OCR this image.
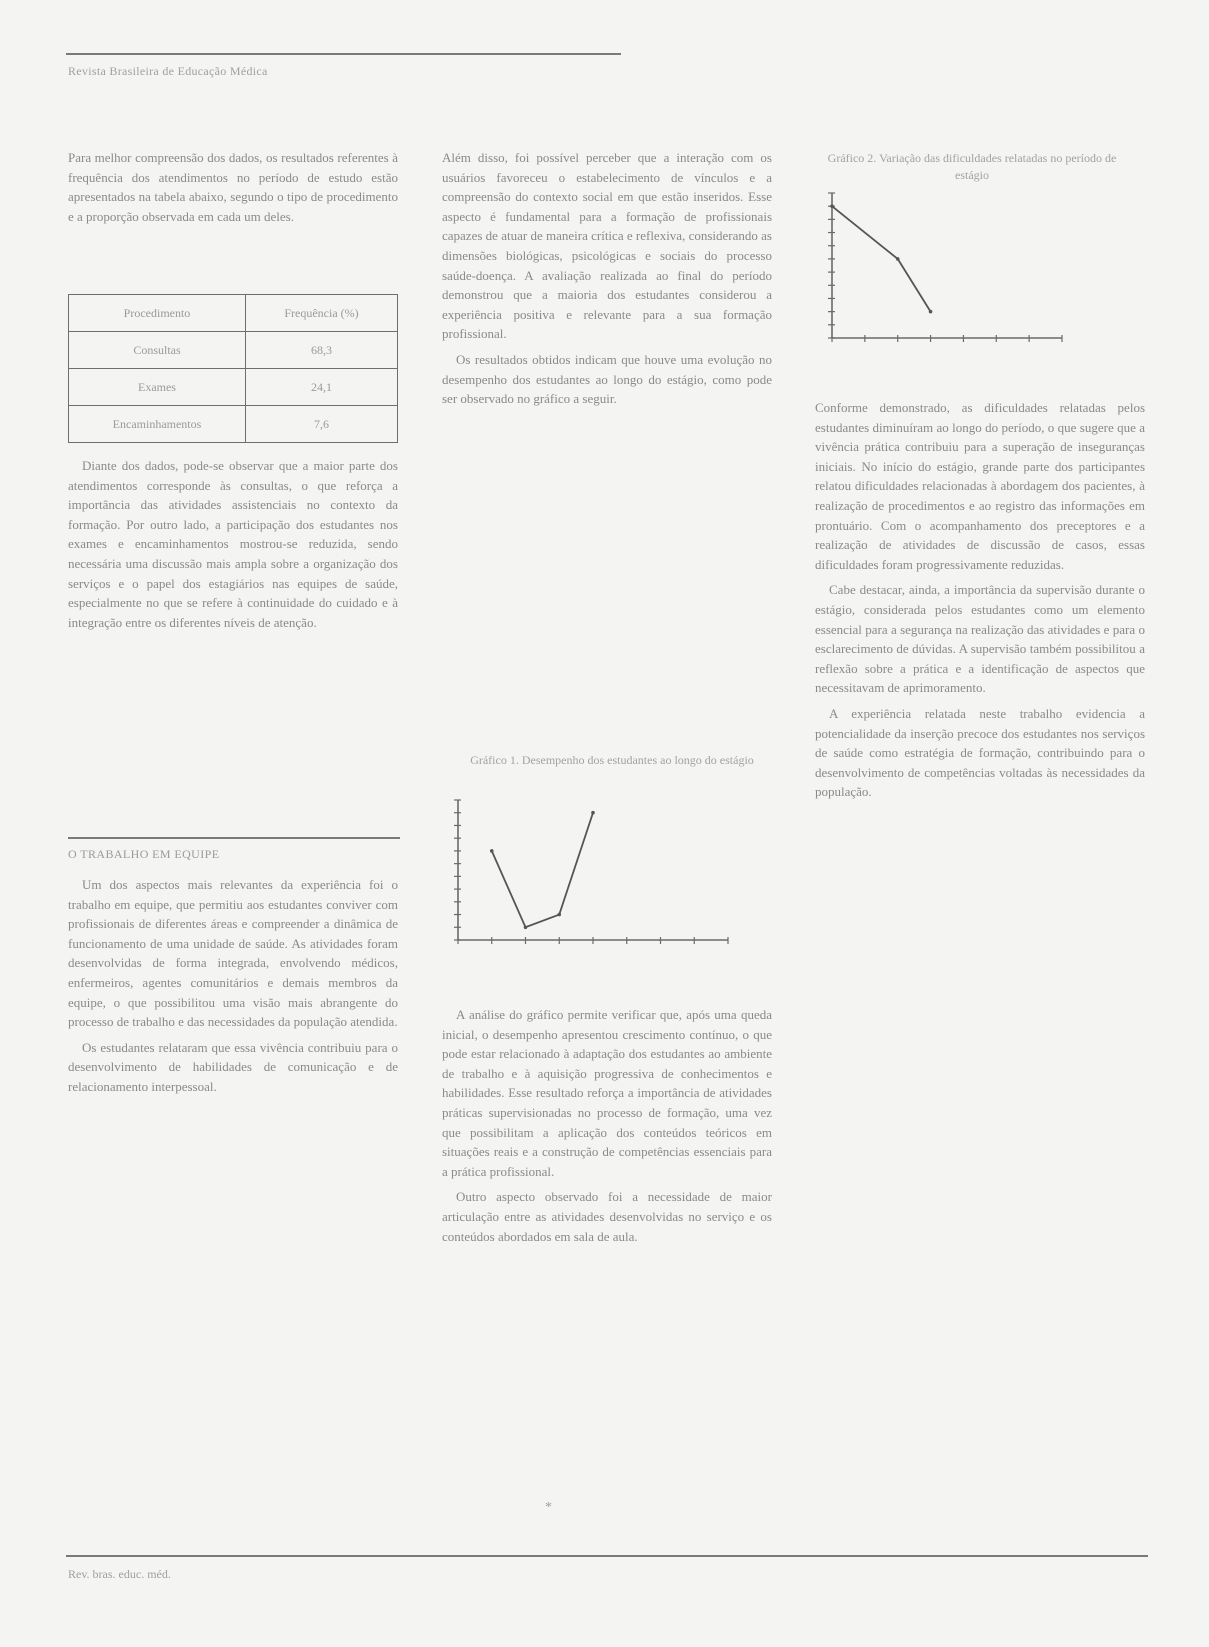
Revista Brasileira de Educação Médica

Para melhor compreensão dos dados, os resultados referentes à frequência dos atendimentos no período de estudo estão apresentados na tabela abaixo, segundo o tipo de procedimento e a proporção observada em cada um deles.

Procedimento	Frequência (%)
Consultas	68,3
Exames	24,1
Encaminhamentos	7,6

Diante dos dados, pode-se observar que a maior parte dos atendimentos corresponde às consultas, o que reforça a importância das atividades assistenciais no contexto da formação. Por outro lado, a participação dos estudantes nos exames e encaminhamentos mostrou-se reduzida, sendo necessária uma discussão mais ampla sobre a organização dos serviços e o papel dos estagiários nas equipes de saúde, especialmente no que se refere à continuidade do cuidado e à integração entre os diferentes níveis de atenção.

O TRABALHO EM EQUIPE

Um dos aspectos mais relevantes da experiência foi o trabalho em equipe, que permitiu aos estudantes conviver com profissionais de diferentes áreas e compreender a dinâmica de funcionamento de uma unidade de saúde. As atividades foram desenvolvidas de forma integrada, envolvendo médicos, enfermeiros, agentes comunitários e demais membros da equipe, o que possibilitou uma visão mais abrangente do processo de trabalho e das necessidades da população atendida.

Os estudantes relataram que essa vivência contribuiu para o desenvolvimento de habilidades de comunicação e de relacionamento interpessoal.

Além disso, foi possível perceber que a interação com os usuários favoreceu o estabelecimento de vínculos e a compreensão do contexto social em que estão inseridos. Esse aspecto é fundamental para a formação de profissionais capazes de atuar de maneira crítica e reflexiva, considerando as dimensões biológicas, psicológicas e sociais do processo saúde-doença. A avaliação realizada ao final do período demonstrou que a maioria dos estudantes considerou a experiência positiva e relevante para a sua formação profissional.

Os resultados obtidos indicam que houve uma evolução no desempenho dos estudantes ao longo do estágio, como pode ser observado no gráfico a seguir.

Gráfico 1. Desempenho dos estudantes ao longo do estágio

A análise do gráfico permite verificar que, após uma queda inicial, o desempenho apresentou crescimento contínuo, o que pode estar relacionado à adaptação dos estudantes ao ambiente de trabalho e à aquisição progressiva de conhecimentos e habilidades. Esse resultado reforça a importância de atividades práticas supervisionadas no processo de formação, uma vez que possibilitam a aplicação dos conteúdos teóricos em situações reais e a construção de competências essenciais para a prática profissional.

Outro aspecto observado foi a necessidade de maior articulação entre as atividades desenvolvidas no serviço e os conteúdos abordados em sala de aula.

Gráfico 2. Variação das dificuldades relatadas no período de estágio

Conforme demonstrado, as dificuldades relatadas pelos estudantes diminuíram ao longo do período, o que sugere que a vivência prática contribuiu para a superação de inseguranças iniciais. No início do estágio, grande parte dos participantes relatou dificuldades relacionadas à abordagem dos pacientes, à realização de procedimentos e ao registro das informações em prontuário. Com o acompanhamento dos preceptores e a realização de atividades de discussão de casos, essas dificuldades foram progressivamente reduzidas.

Cabe destacar, ainda, a importância da supervisão durante o estágio, considerada pelos estudantes como um elemento essencial para a segurança na realização das atividades e para o esclarecimento de dúvidas. A supervisão também possibilitou a reflexão sobre a prática e a identificação de aspectos que necessitavam de aprimoramento.

A experiência relatada neste trabalho evidencia a potencialidade da inserção precoce dos estudantes nos serviços de saúde como estratégia de formação, contribuindo para o desenvolvimento de competências voltadas às necessidades da população.

*
Rev. bras. educ. méd.
